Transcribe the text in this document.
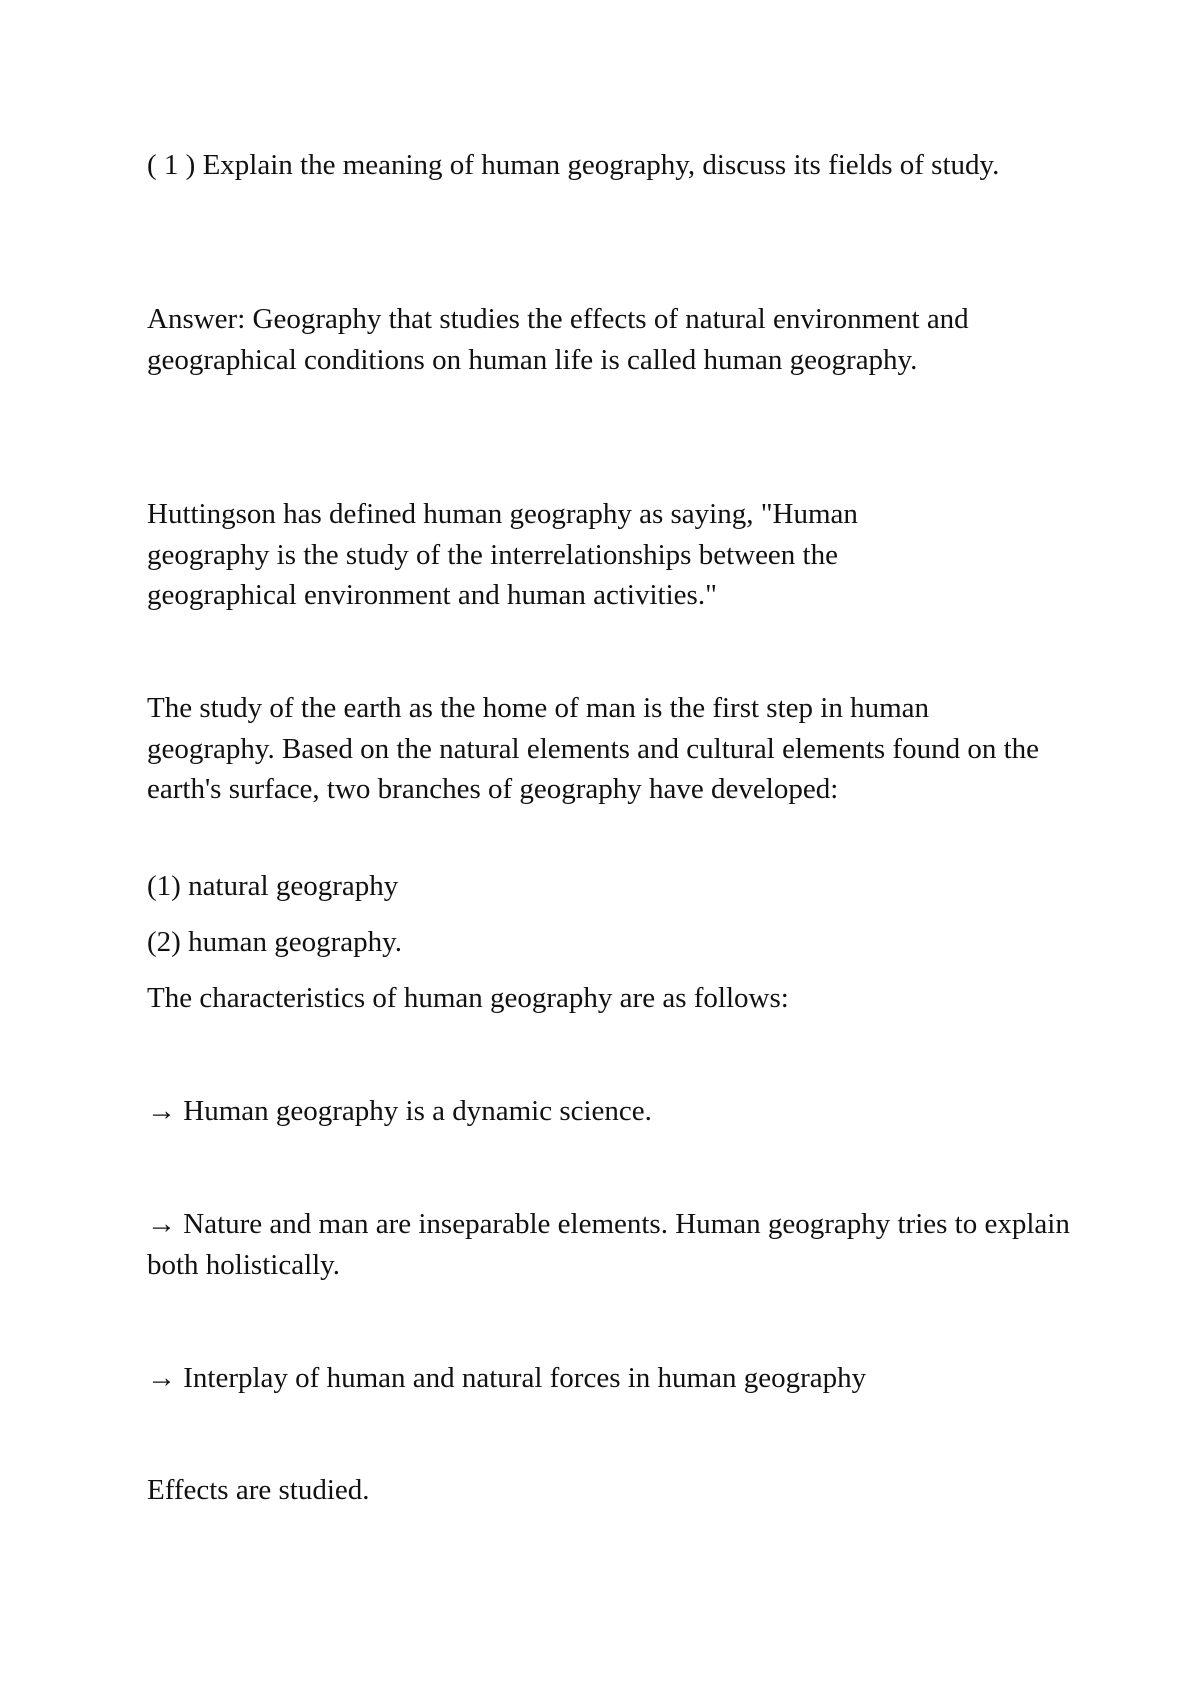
( 1 ) Explain the meaning of human geography, discuss its fields of study.

Answer: Geography that studies the effects of natural environment and geographical conditions on human life is called human geography.

Huttingson has defined human geography as saying, "Human geography is the study of the interrelationships between the geographical environment and human activities."

The study of the earth as the home of man is the first step in human geography. Based on the natural elements and cultural elements found on the earth's surface, two branches of geography have developed:

(1) natural geography

(2) human geography.

The characteristics of human geography are as follows:

→ Human geography is a dynamic science.

→ Nature and man are inseparable elements. Human geography tries to explain both holistically.

→ Interplay of human and natural forces in human geography

Effects are studied.
